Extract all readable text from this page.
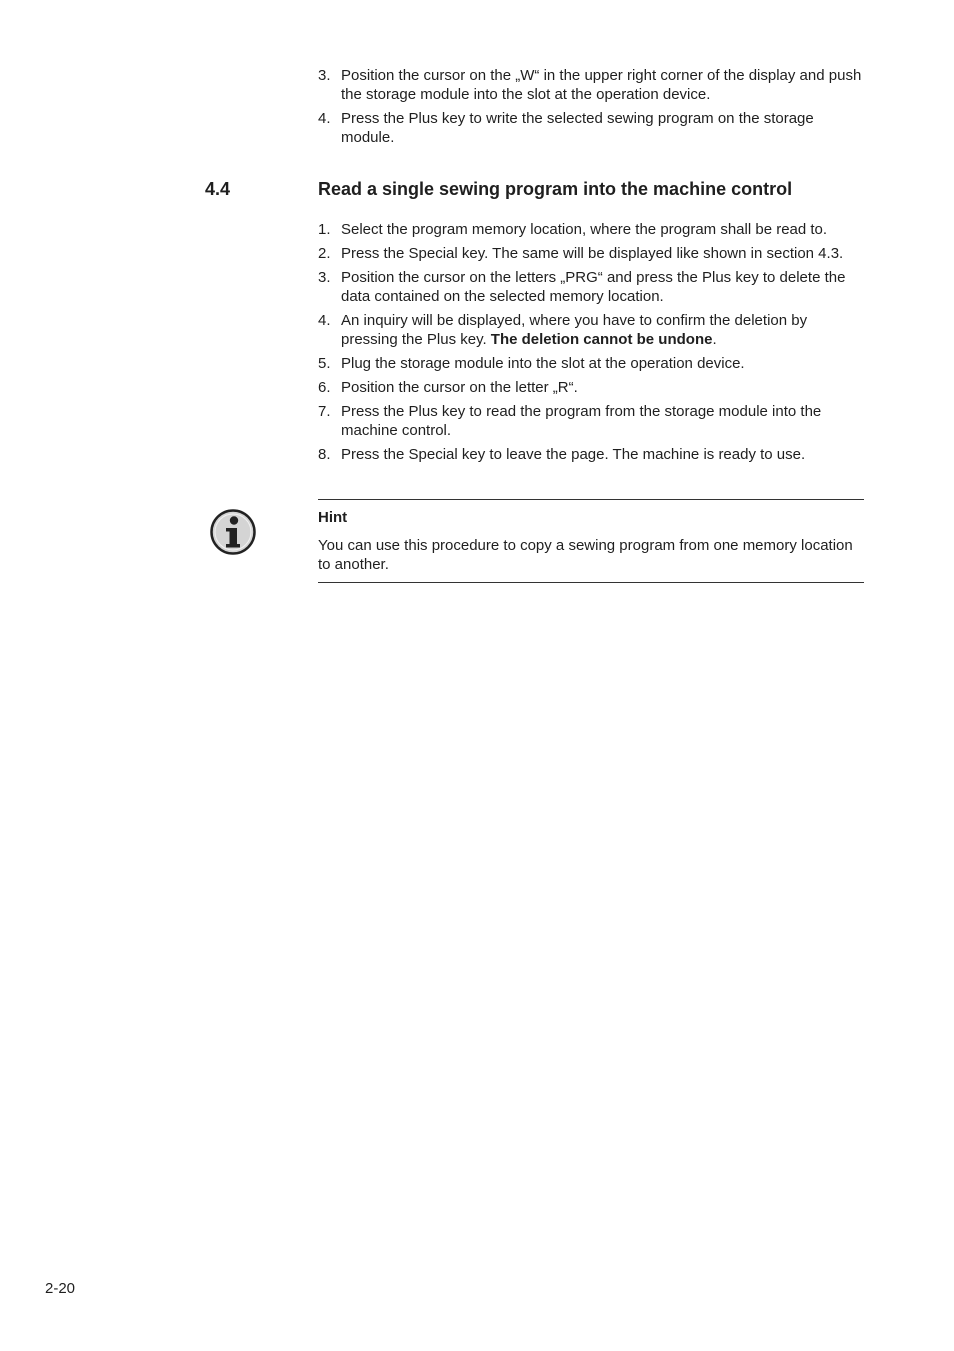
3. Position the cursor on the „W“ in the upper right corner of the display and push the storage module into the slot at the operation device.
4. Press the Plus key to write the selected sewing program on the storage module.
4.4	Read a single sewing program into the machine control
1. Select the program memory location, where the program shall be read to.
2. Press the Special key. The same will be displayed like shown in section 4.3.
3. Position the cursor on the letters „PRG“ and press the Plus key to delete the data contained on the selected memory location.
4. An inquiry will be displayed, where you have to confirm the deletion by pressing the Plus key. The deletion cannot be undone.
5. Plug the storage module into the slot at the operation device.
6. Position the cursor on the letter „R“.
7. Press the Plus key to read the program from the storage module into the machine control.
8. Press the Special key to leave the page. The machine is ready to use.
Hint
You can use this procedure to copy a sewing program from one memory location to another.
2-20
